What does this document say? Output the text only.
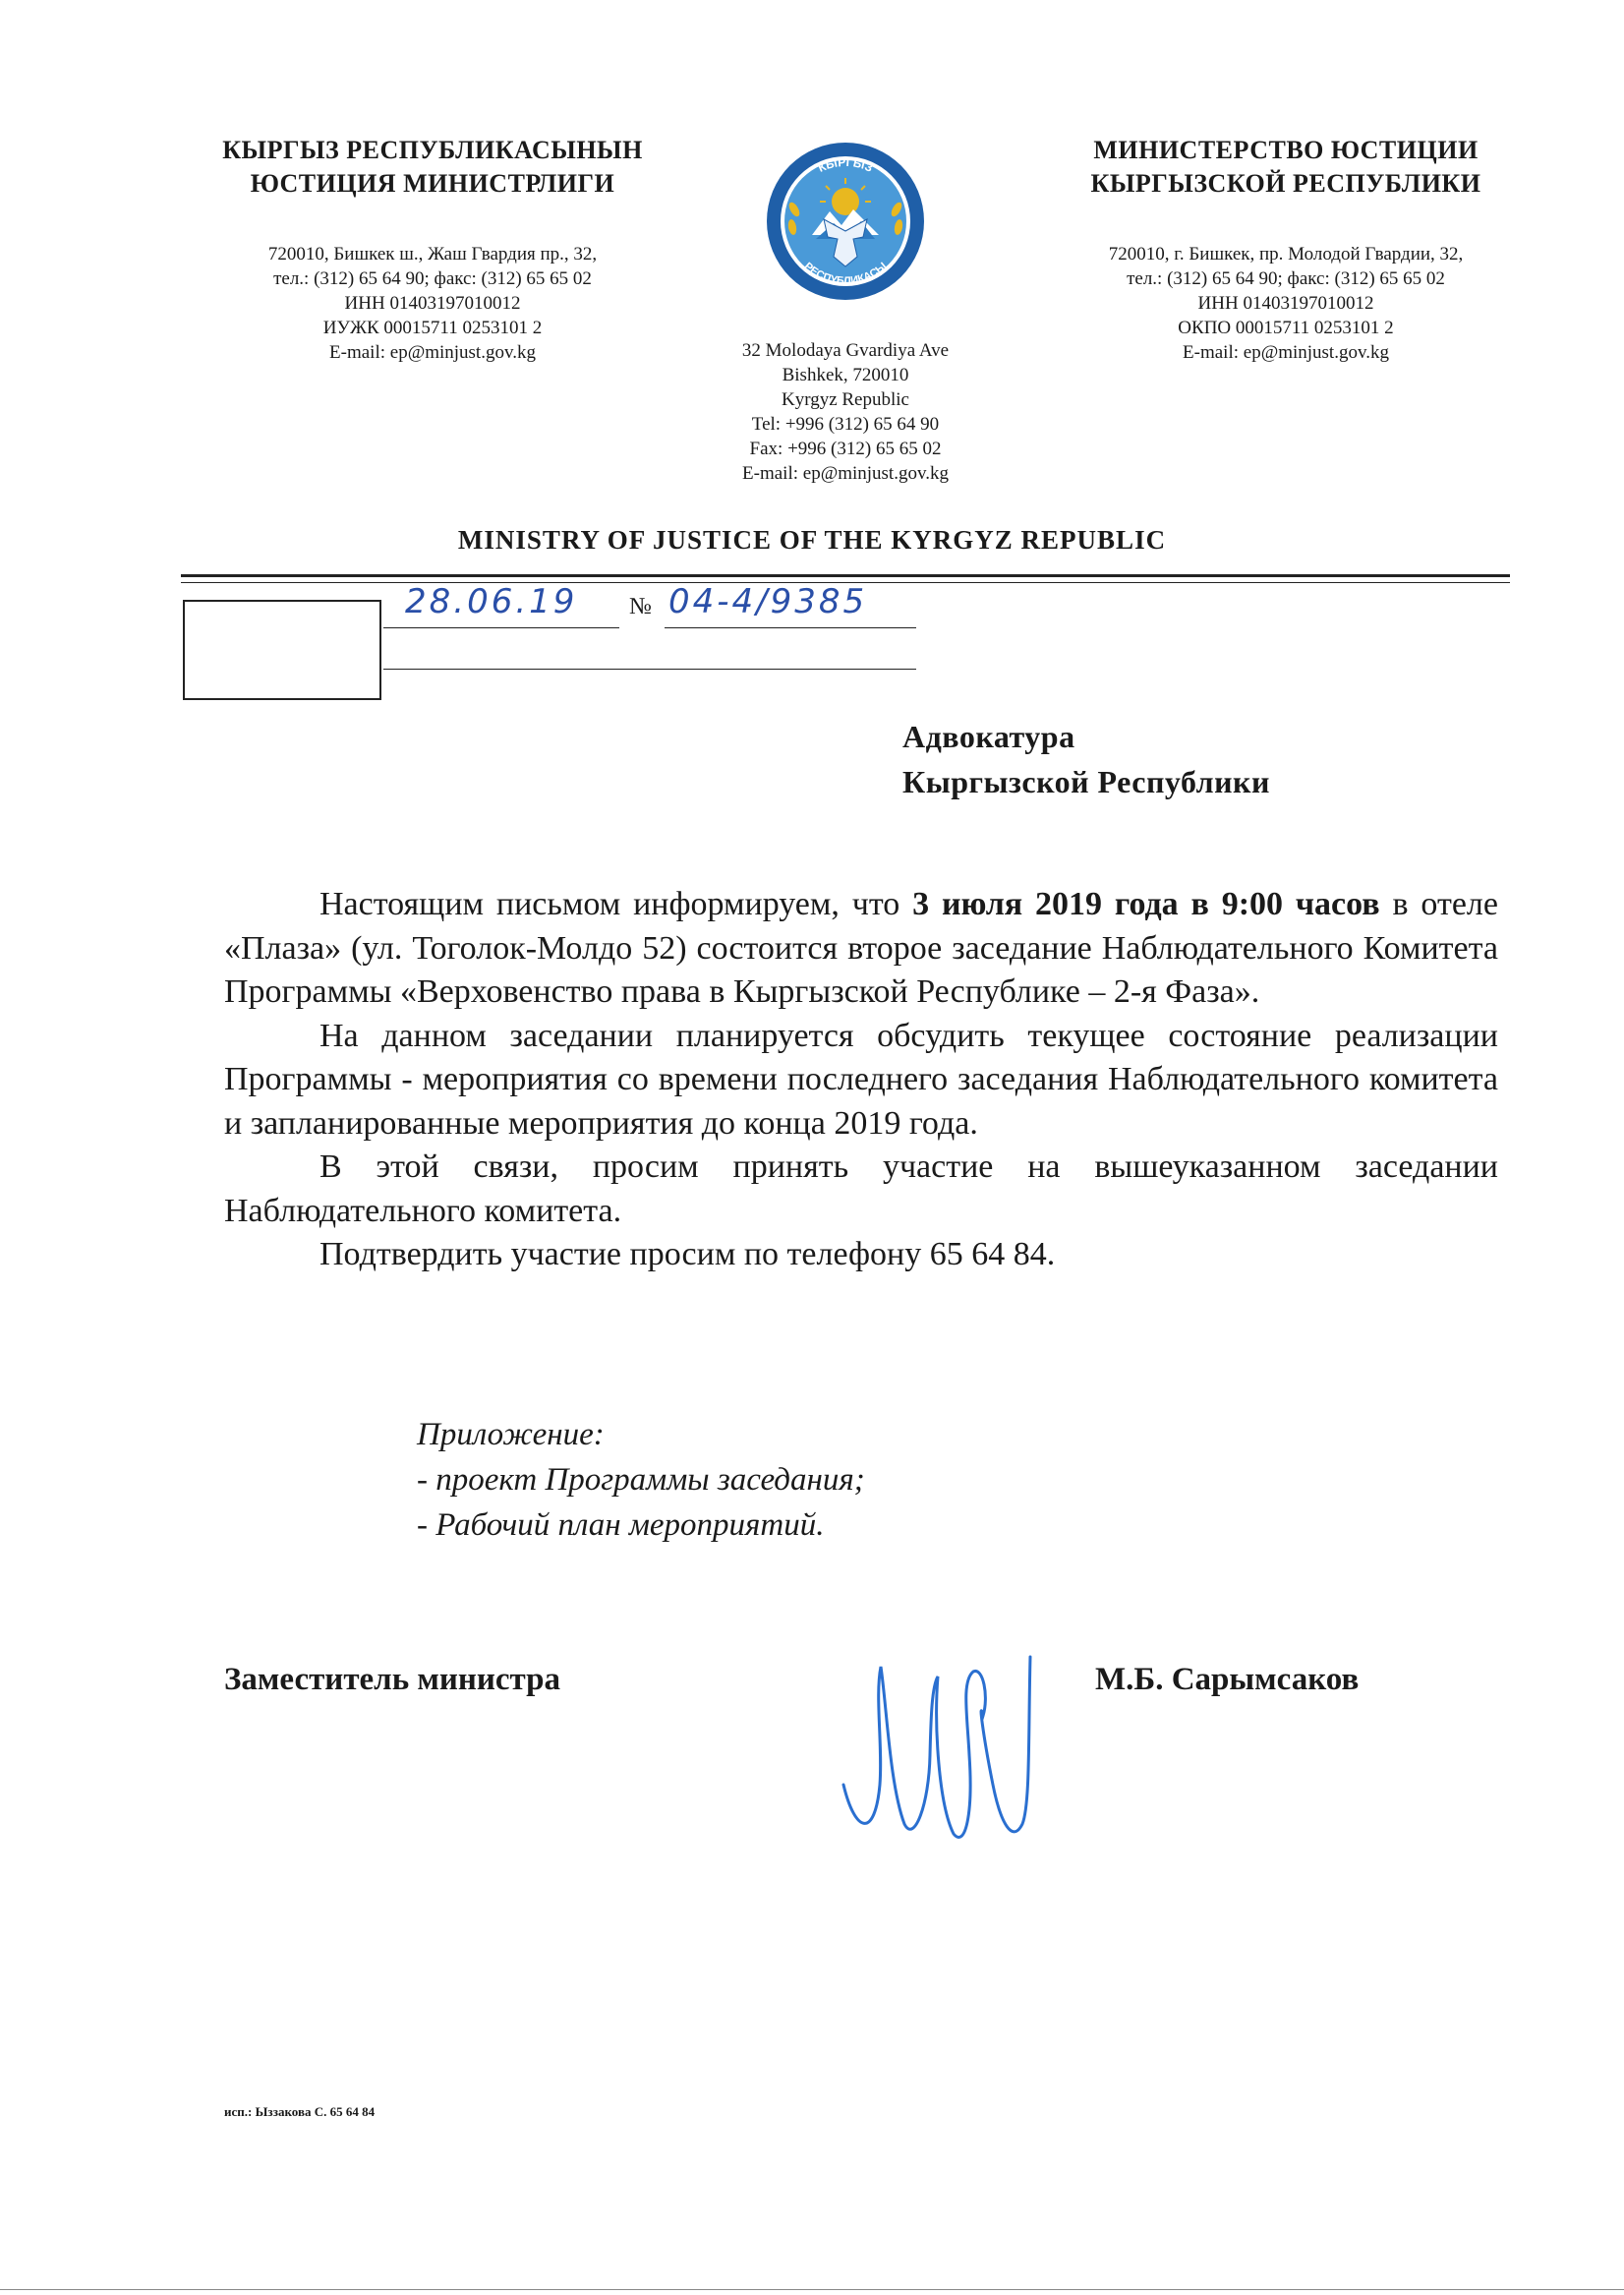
КЫРГЫЗ РЕСПУБЛИКАСЫНЫН
ЮСТИЦИЯ МИНИСТРЛИГИ
720010, Бишкек ш., Жаш Гвардия пр., 32,
тел.: (312) 65 64 90; факс: (312) 65 65 02
ИНН 01403197010012
ИУЖК 00015711 0253101 2
E-mail: ep@minjust.gov.kg
МИНИСТЕРСТВО ЮСТИЦИИ
КЫРГЫЗСКОЙ РЕСПУБЛИКИ
720010, г. Бишкек, пр. Молодой Гвардии, 32,
тел.: (312) 65 64 90; факс: (312) 65 65 02
ИНН 01403197010012
ОКПО 00015711 0253101 2
E-mail: ep@minjust.gov.kg
КЫРГЫЗ
РЕСПУБЛИКАСЫ
32 Molodaya Gvardiya Ave
Bishkek, 720010
Kyrgyz Republic
Tel: +996 (312) 65 64 90
Fax: +996 (312) 65 65 02
E-mail: ep@minjust.gov.kg
MINISTRY OF JUSTICE OF THE KYRGYZ REPUBLIC
28.06.19 № 04-4/9385
Адвокатура
Кыргызской Республики

Настоящим письмом информируем, что 3 июля 2019 года в 9:00 часов в отеле «Плаза» (ул. Тоголок-Молдо 52) состоится второе заседание Наблюдательного Комитета Программы «Верховенство права в Кыргызской Республике – 2-я Фаза».

На данном заседании планируется обсудить текущее состояние реализации Программы - мероприятия со времени последнего заседания Наблюдательного комитета и запланированные мероприятия до конца 2019 года.

В этой связи, просим принять участие на вышеуказанном заседании Наблюдательного комитета.

Подтвердить участие просим по телефону 65 64 84.

Приложение:
- проект Программы заседания;
- Рабочий план мероприятий.
Заместитель министра	М.Б. Сарымсаков
исп.: Ыззакова С. 65 64 84
